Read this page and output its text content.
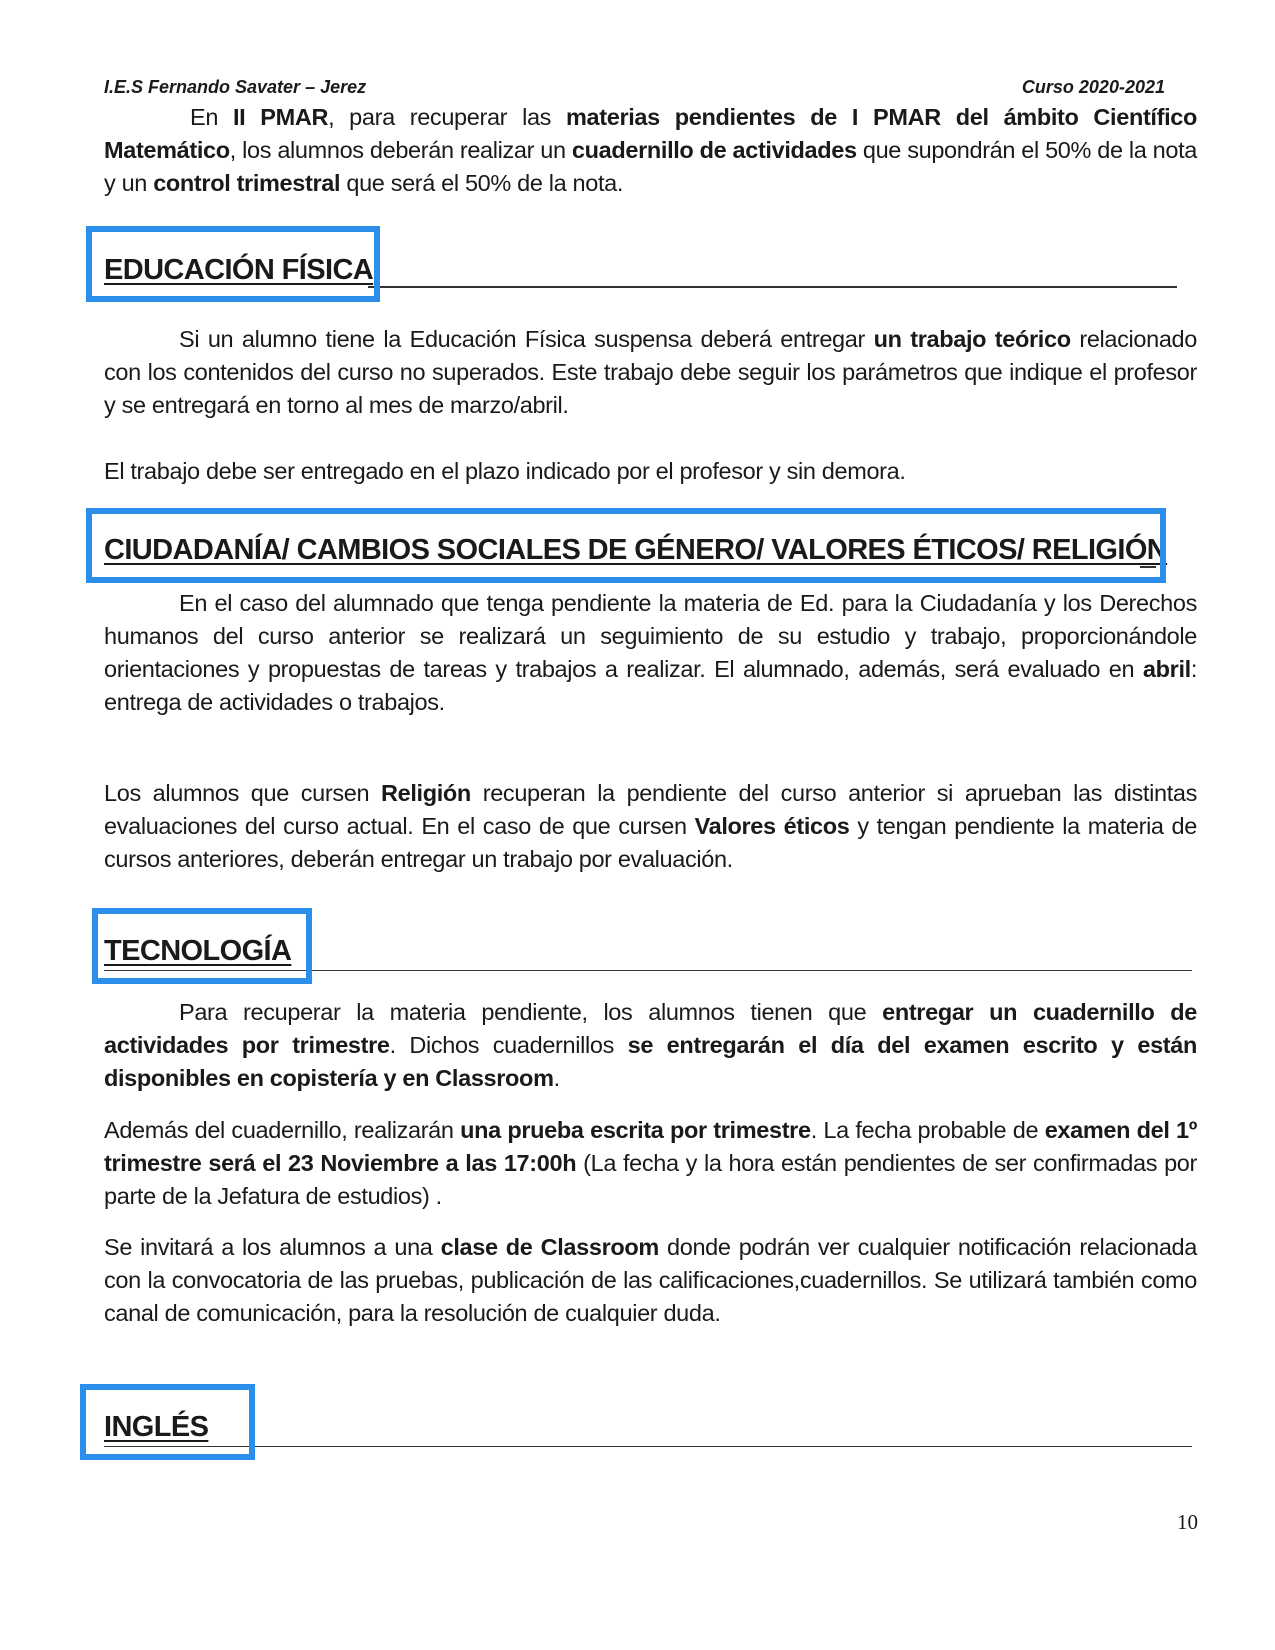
I.E.S Fernando Savater – Jerez	Curso 2020-2021

En II PMAR, para recuperar las materias pendientes de I PMAR del ámbito Científico Matemático, los alumnos deberán realizar un cuadernillo de actividades que supondrán el 50% de la nota y un control trimestral que será el 50% de la nota.

EDUCACIÓN FÍSICA

Si un alumno tiene la Educación Física suspensa deberá entregar un trabajo teórico relacionado con los contenidos del curso no superados. Este trabajo debe seguir los parámetros que indique el profesor y se entregará en torno al mes de marzo/abril.

El trabajo debe ser entregado en el plazo indicado por el profesor y sin demora.

CIUDADANÍA/ CAMBIOS SOCIALES DE GÉNERO/ VALORES ÉTICOS/ RELIGIÓN

En el caso del alumnado que tenga pendiente la materia de Ed. para la Ciudadanía y los Derechos humanos del curso anterior se realizará un seguimiento de su estudio y trabajo, proporcionándole orientaciones y propuestas de tareas y trabajos a realizar. El alumnado, además, será evaluado en abril: entrega de actividades o trabajos.

Los alumnos que cursen Religión recuperan la pendiente del curso anterior si aprueban las distintas evaluaciones del curso actual. En el caso de que cursen Valores éticos y tengan pendiente la materia de cursos anteriores, deberán entregar un trabajo por evaluación.

TECNOLOGÍA

Para recuperar la materia pendiente, los alumnos tienen que entregar un cuadernillo de actividades por trimestre. Dichos cuadernillos se entregarán el día del examen escrito y están disponibles en copistería y en Classroom.

Además del cuadernillo, realizarán una prueba escrita por trimestre. La fecha probable de examen del 1º trimestre será el 23 Noviembre a las 17:00h (La fecha y la hora están pendientes de ser confirmadas por parte de la Jefatura de estudios) .

Se invitará a los alumnos a una clase de Classroom donde podrán ver cualquier notificación relacionada con la convocatoria de las pruebas, publicación de las calificaciones,cuadernillos. Se utilizará también como canal de comunicación, para la resolución de cualquier duda.

INGLÉS
10
